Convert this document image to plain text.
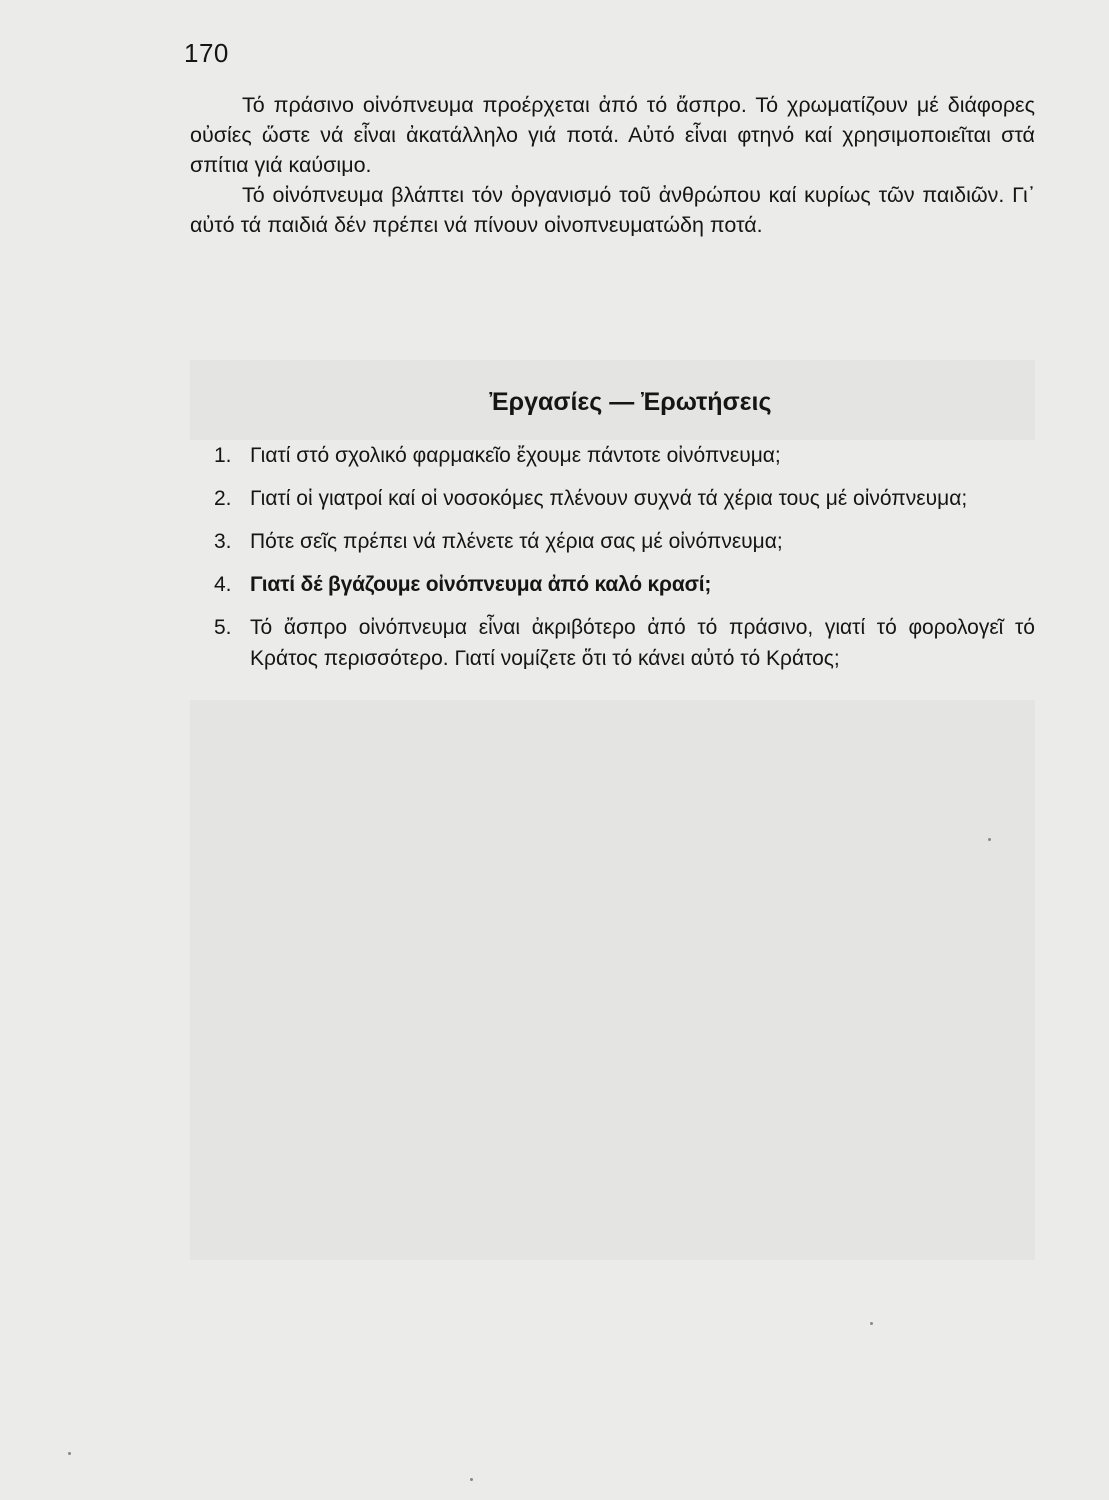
170

Τό πράσινο οἰνόπνευμα προέρχεται ἀπό τό ἄσπρο. Τό χρωματίζουν μέ διάφορες οὐσίες ὥστε νά εἶναι ἀκατάλληλο γιά ποτά. Αὐτό εἶναι φτηνό καί χρησιμοποιεῖται στά σπίτια γιά καύσιμο.

Τό οἰνόπνευμα βλάπτει τόν ὀργανισμό τοῦ ἀνθρώπου καί κυρίως τῶν παιδιῶν. Γι᾽ αὐτό τά παιδιά δέν πρέπει νά πίνουν οἰνοπνευματώδη ποτά.

Ἐργασίες — Ἐρωτήσεις
1. Γιατί στό σχολικό φαρμακεῖο ἔχουμε πάντοτε οἰνόπνευμα;
2. Γιατί οἱ γιατροί καί οἱ νοσοκόμες πλένουν συχνά τά χέρια τους μέ οἰνόπνευμα;
3. Πότε σεῖς πρέπει νά πλένετε τά χέρια σας μέ οἰνόπνευμα;
4. Γιατί δέ βγάζουμε οἰνόπνευμα ἀπό καλό κρασί;
5. Τό ἄσπρο οἰνόπνευμα εἶναι ἀκριβότερο ἀπό τό πράσινο, γιατί τό φορολογεῖ τό Κράτος περισσότερο. Γιατί νομίζετε ὅτι τό κάνει αὐτό τό Κράτος;
